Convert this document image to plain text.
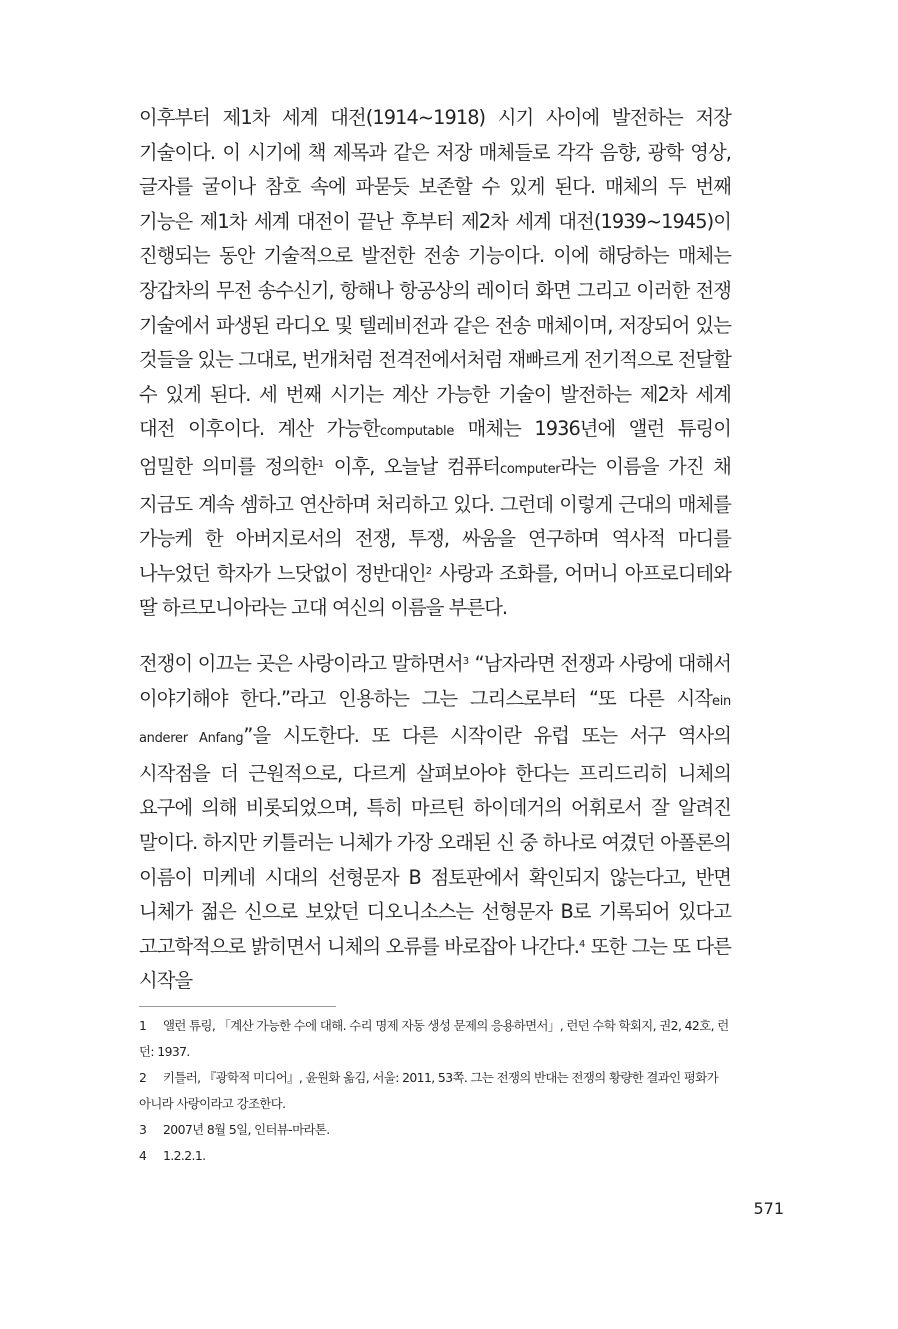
이후부터 제1차 세계 대전(1914~1918) 시기 사이에 발전하는 저장 기술이다. 이 시기에 책 제목과 같은 저장 매체들로 각각 음향, 광학 영상, 글자를 굴이나 참호 속에 파묻듯 보존할 수 있게 된다. 매체의 두 번째 기능은 제1차 세계 대전이 끝난 후부터 제2차 세계 대전(1939~1945)이 진행되는 동안 기술적으로 발전한 전송 기능이다. 이에 해당하는 매체는 장갑차의 무전 송수신기, 항해나 항공상의 레이더 화면 그리고 이러한 전쟁 기술에서 파생된 라디오 및 텔레비전과 같은 전송 매체이며, 저장되어 있는 것들을 있는 그대로, 번개처럼 전격전에서처럼 재빠르게 전기적으로 전달할 수 있게 된다. 세 번째 시기는 계산 가능한 기술이 발전하는 제2차 세계 대전 이후이다. 계산 가능한computable 매체는 1936년에 앨런 튜링이 엄밀한 의미를 정의한$^1$ 이후, 오늘날 컴퓨터computer라는 이름을 가진 채 지금도 계속 셈하고 연산하며 처리하고 있다. 그런데 이렇게 근대의 매체를 가능케 한 아버지로서의 전쟁, 투쟁, 싸움을 연구하며 역사적 마디를 나누었던 학자가 느닷없이 정반대인$^2$ 사랑과 조화를, 어머니 아프로디테와 딸 하르모니아라는 고대 여신의 이름을 부른다.

전쟁이 이끄는 곳은 사랑이라고 말하면서$^3$ “남자라면 전쟁과 사랑에 대해서 이야기해야 한다.”라고 인용하는 그는 그리스로부터 “또 다른 시작ein anderer Anfang”을 시도한다. 또 다른 시작이란 유럽 또는 서구 역사의 시작점을 더 근원적으로, 다르게 살펴보아야 한다는 프리드리히 니체의 요구에 의해 비롯되었으며, 특히 마르틴 하이데거의 어휘로서 잘 알려진 말이다. 하지만 키틀러는 니체가 가장 오래된 신 중 하나로 여겼던 아폴론의 이름이 미케네 시대의 선형문자 B 점토판에서 확인되지 않는다고, 반면 니체가 젊은 신으로 보았던 디오니소스는 선형문자 B로 기록되어 있다고 고고학적으로 밝히면서 니체의 오류를 바로잡아 나간다.$^4$ 또한 그는 또 다른 시작을

1 앨런 튜링, 「계산 가능한 수에 대해. 수리 명제 자동 생성 문제의 응용하면서」, 런던 수학 학회지, 권2, 42호, 런던: 1937.

2 키틀러, 『광학적 미디어』, 윤원화 옮김, 서울: 2011, 53쪽. 그는 전쟁의 반대는 전쟁의 황량한 결과인 평화가 아니라 사랑이라고 강조한다.

3 2007년 8월 5일, 인터뷰-마라톤.

4 1.2.2.1.

571
